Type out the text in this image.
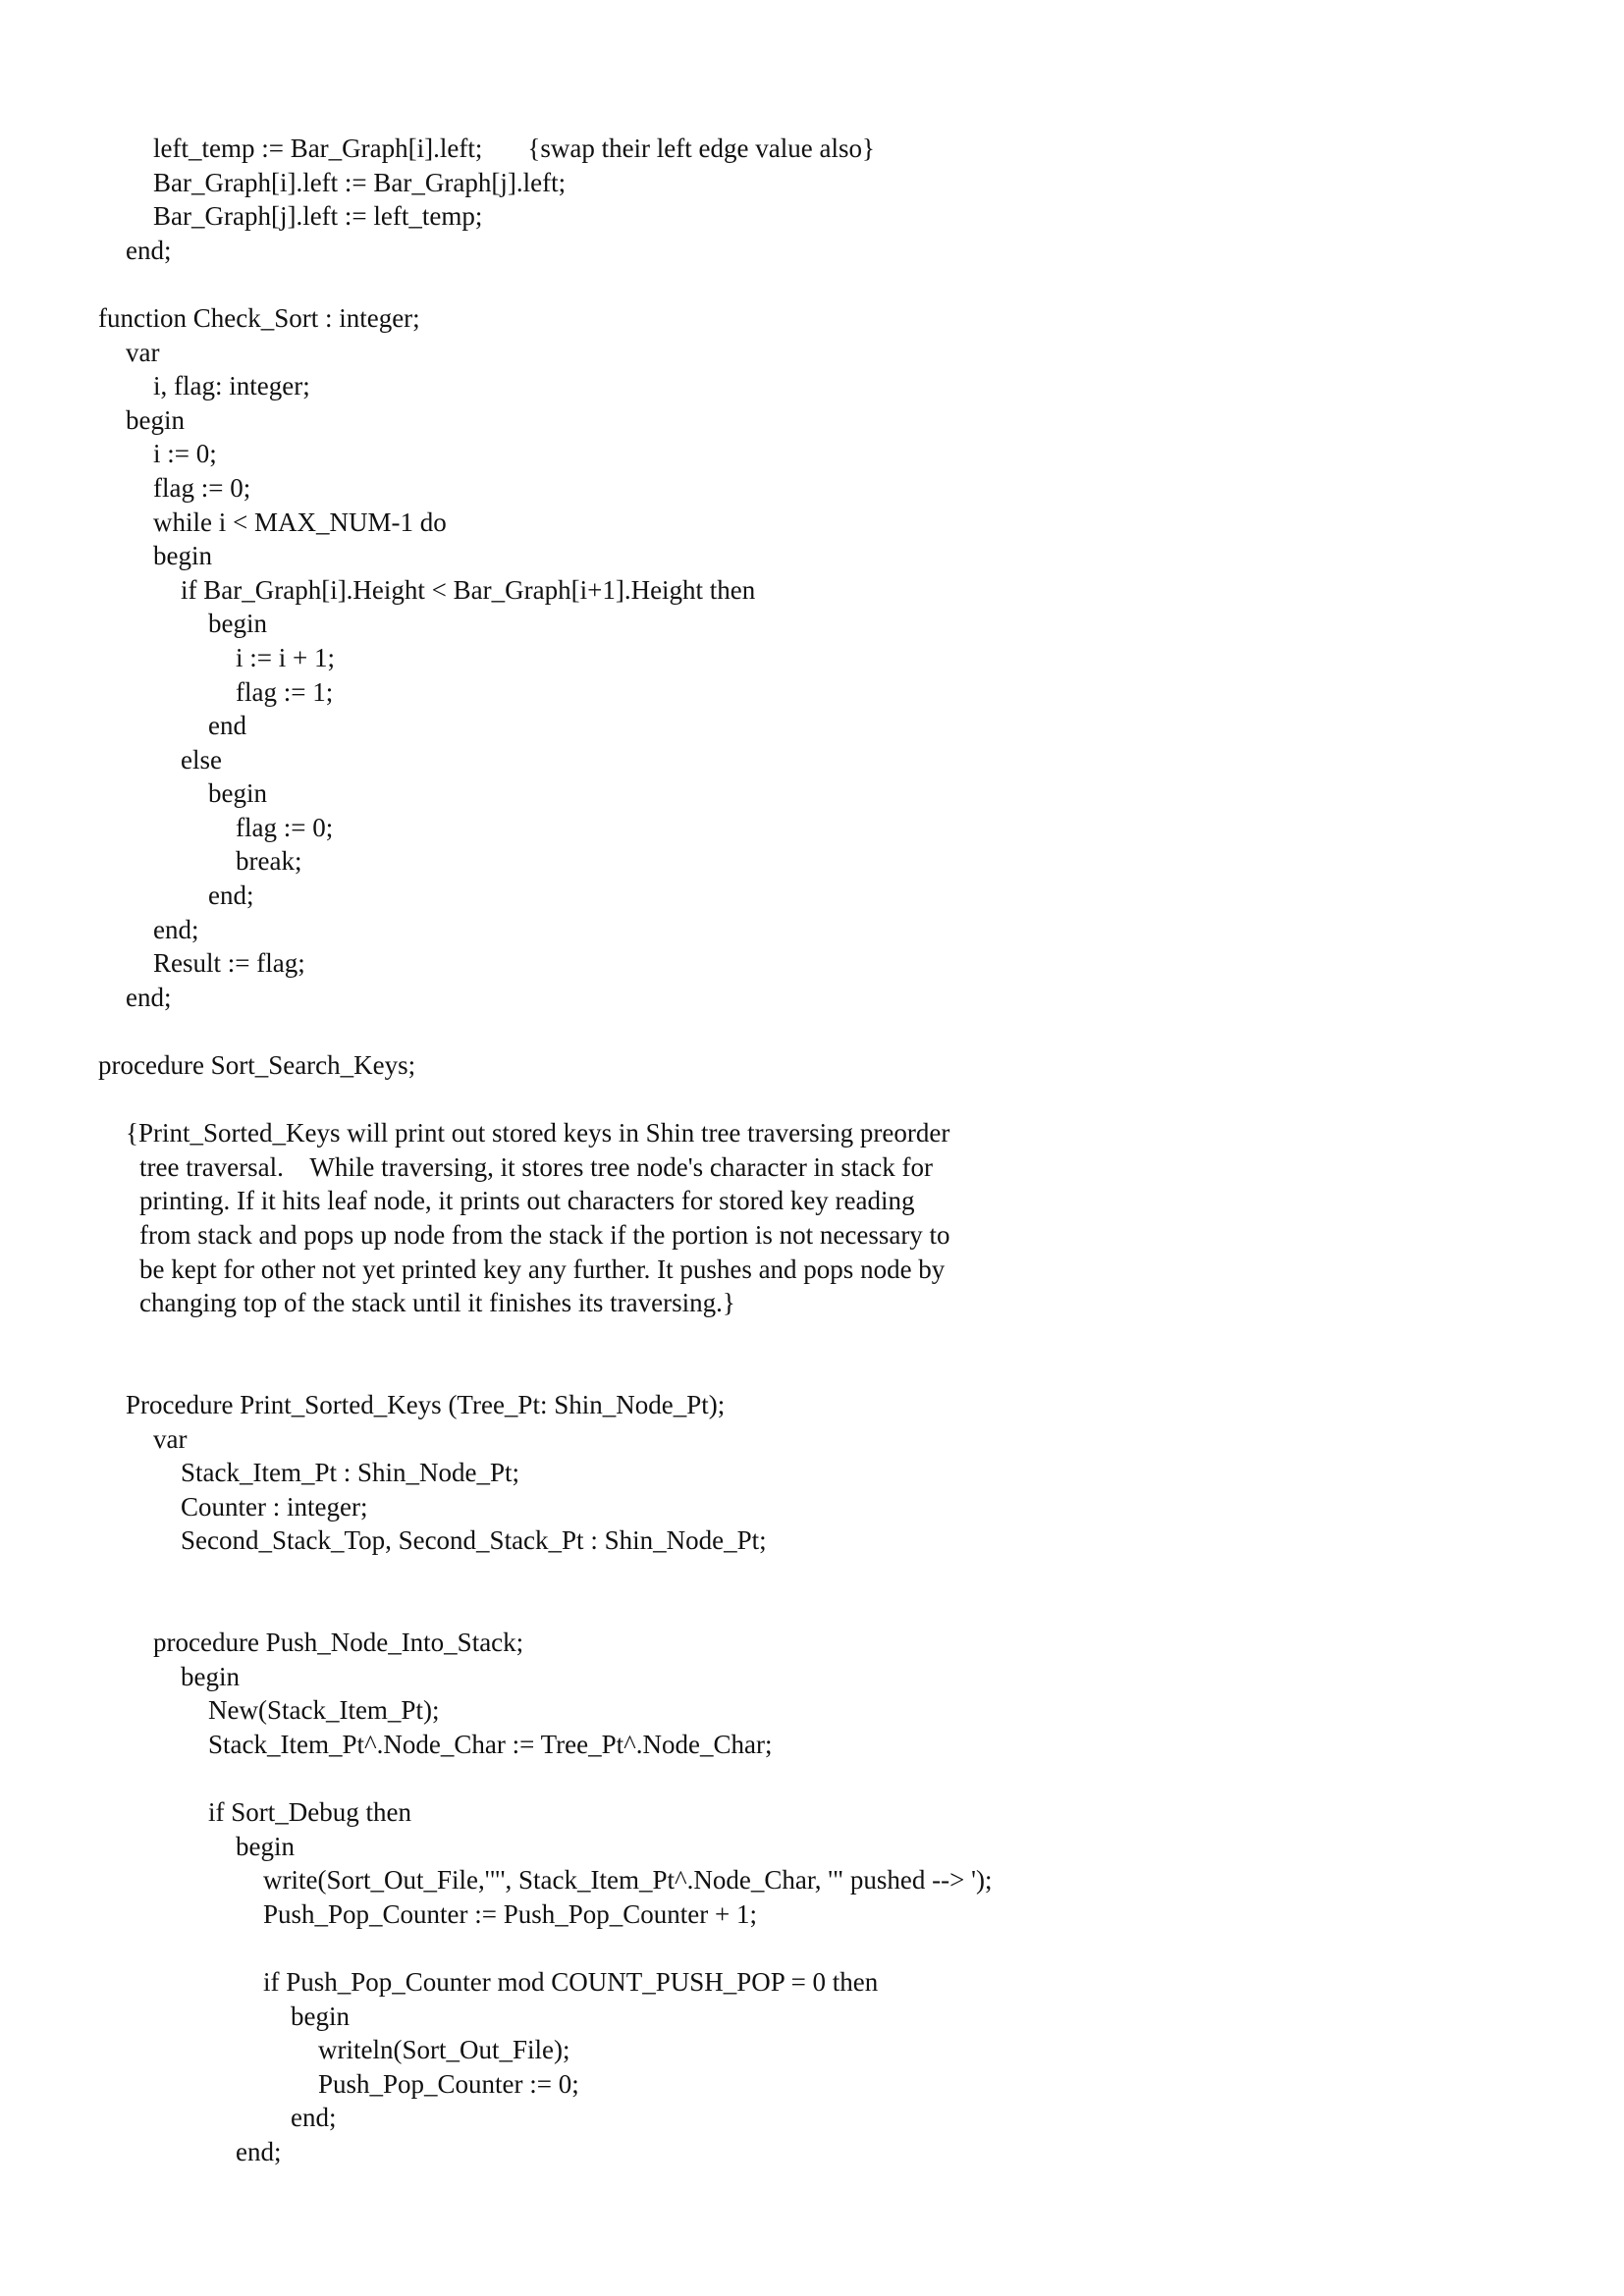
left_temp := Bar_Graph[i].left; {swap their left edge value also}
Bar_Graph[i].left := Bar_Graph[j].left;
Bar_Graph[j].left := left_temp;
end;
function Check_Sort : integer;
var
i, flag: integer;
begin
i := 0;
flag := 0;
while i < MAX_NUM-1 do
begin
if Bar_Graph[i].Height < Bar_Graph[i+1].Height then
begin
i := i + 1;
flag := 1;
end
else
begin
flag := 0;
break;
end;
end;
Result := flag;
end;
procedure Sort_Search_Keys;
{Print_Sorted_Keys will print out stored keys in Shin tree traversing preorder
tree traversal.    While traversing, it stores tree node's character in stack for
printing. If it hits leaf node, it prints out characters for stored key reading
from stack and pops up node from the stack if the portion is not necessary to
be kept for other not yet printed key any further. It pushes and pops node by
changing top of the stack until it finishes its traversing.}
Procedure Print_Sorted_Keys (Tree_Pt: Shin_Node_Pt);
var
Stack_Item_Pt : Shin_Node_Pt;
Counter : integer;
Second_Stack_Top, Second_Stack_Pt : Shin_Node_Pt;
procedure Push_Node_Into_Stack;
begin
New(Stack_Item_Pt);
Stack_Item_Pt^.Node_Char := Tree_Pt^.Node_Char;
if Sort_Debug then
begin
write(Sort_Out_File,'"', Stack_Item_Pt^.Node_Char, '" pushed --> ');
Push_Pop_Counter := Push_Pop_Counter + 1;
if Push_Pop_Counter mod COUNT_PUSH_POP = 0 then
begin
writeln(Sort_Out_File);
Push_Pop_Counter := 0;
end;
end;
